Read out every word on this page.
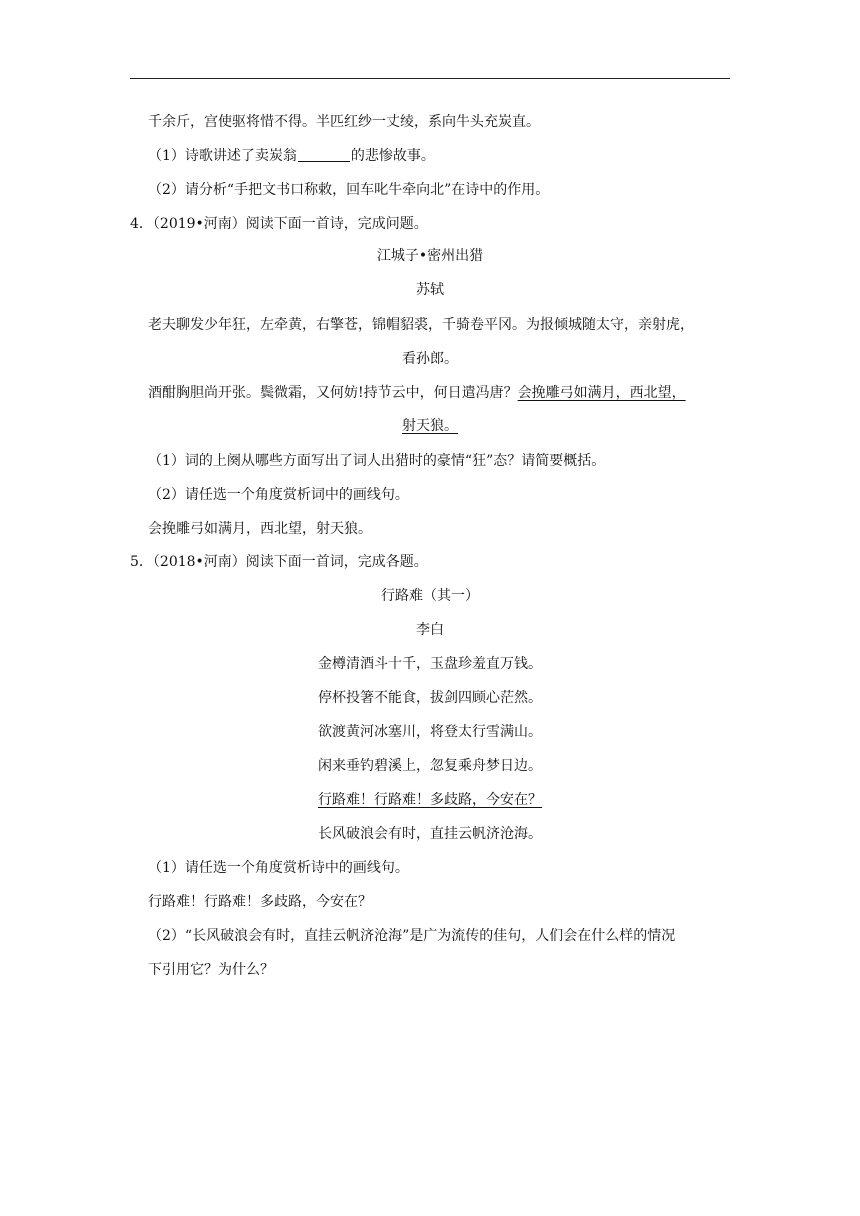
千余斤，宫使驱将惜不得。半匹红纱一丈绫，系向牛头充炭直。
（1）诗歌讲述了卖炭翁	的悲惨故事。
（2）请分析“手把文书口称敕，回车叱牛牵向北”在诗中的作用。
4．（2019•河南）阅读下面一首诗，完成问题。
江城子•密州出猎
苏轼
老夫聊发少年狂，左牵黄，右擎苍，锦帽貂裘，千骑卷平冈。为报倾城随太守，亲射虎，
看孙郎。
酒酣胸胆尚开张。鬓微霜，又何妨!持节云中，何日遣冯唐？会挽雕弓如满月，西北望，
射天狼。
（1）词的上阕从哪些方面写出了词人出猎时的豪情“狂”态？请简要概括。
（2）请任选一个角度赏析词中的画线句。
会挽雕弓如满月，西北望，射天狼。
5．（2018•河南）阅读下面一首词，完成各题。
行路难（其一）
李白
金樽清酒斗十千，玉盘珍羞直万钱。
停杯投箸不能食，拔剑四顾心茫然。
欲渡黄河冰塞川，将登太行雪满山。
闲来垂钓碧溪上，忽复乘舟梦日边。
行路难！行路难！多歧路，今安在？
长风破浪会有时，直挂云帆济沧海。
（1）请任选一个角度赏析诗中的画线句。
行路难！行路难！多歧路，今安在？
（2）“长风破浪会有时，直挂云帆济沧海”是广为流传的佳句，人们会在什么样的情况
下引用它？为什么？
